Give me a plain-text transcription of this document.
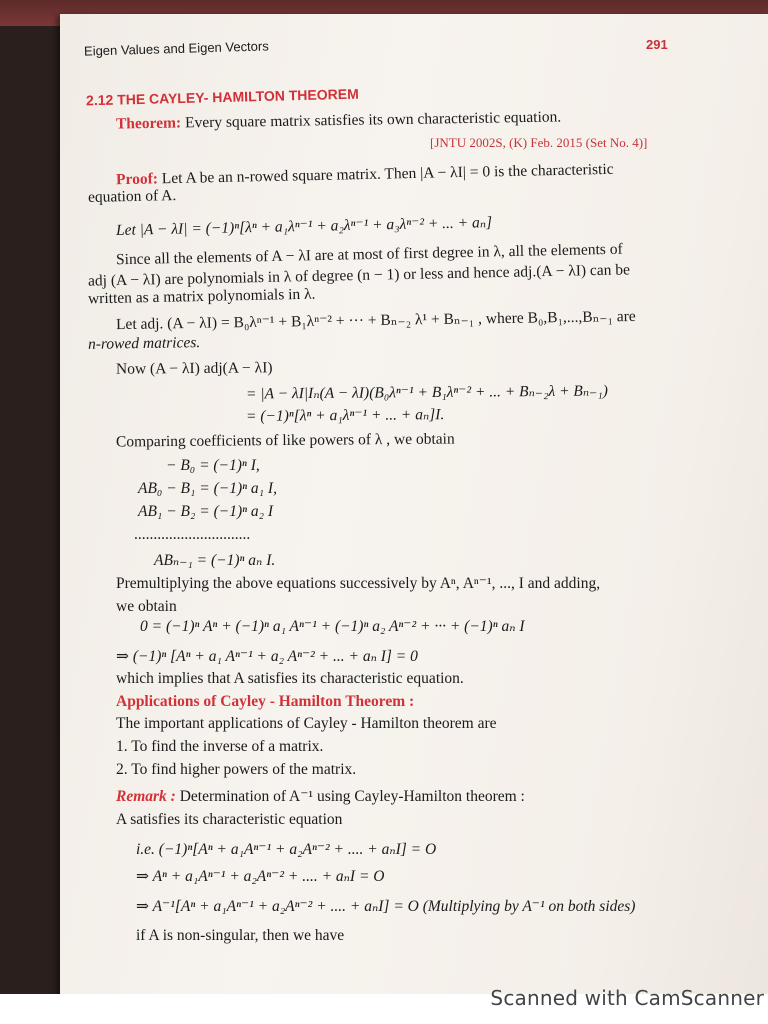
Eigen Values and Eigen Vectors	291
2.12 THE CAYLEY- HAMILTON THEOREM
Theorem: Every square matrix satisfies its own characteristic equation.
[JNTU 2002S, (K) Feb. 2015 (Set No. 4)]
Proof: Let A be an n-rowed square matrix. Then |A − λI| = 0 is the characteristic
equation of A.
Let |A − λI| = (−1)ⁿ[λⁿ + a₁λⁿ⁻¹ + a₂λⁿ⁻¹ + a₃λⁿ⁻² + ... + aₙ]
Since all the elements of A − λI are at most of first degree in λ, all the elements of
adj (A − λI) are polynomials in λ of degree (n − 1) or less and hence adj.(A − λI) can be
written as a matrix polynomials in λ.
Let adj. (A − λI) = B₀λⁿ⁻¹ + B₁λⁿ⁻² + ··· + Bₙ₋₂ λ¹ + Bₙ₋₁ , where B₀,B₁,...,Bₙ₋₁ are
n-rowed matrices.
Now (A − λI) adj(A − λI)
= |A − λI|Iₙ(A − λI)(B₀λⁿ⁻¹ + B₁λⁿ⁻² + ... + Bₙ₋₂λ + Bₙ₋₁)
= (−1)ⁿ[λⁿ + a₁λⁿ⁻¹ + ... + aₙ]I.
Comparing coefficients of like powers of λ , we obtain
− B₀ = (−1)ⁿ I,
AB₀ − B₁ = (−1)ⁿ a₁ I,
AB₁ − B₂ = (−1)ⁿ a₂ I
..............................
ABₙ₋₁ = (−1)ⁿ aₙ I.
Premultiplying the above equations successively by Aⁿ, Aⁿ⁻¹, ..., I and adding,
we obtain
0 = (−1)ⁿ Aⁿ + (−1)ⁿ a₁ Aⁿ⁻¹ + (−1)ⁿ a₂ Aⁿ⁻² + ··· + (−1)ⁿ aₙ I
⇒ (−1)ⁿ [Aⁿ + a₁ Aⁿ⁻¹ + a₂ Aⁿ⁻² + ... + aₙ I] = 0
which implies that A satisfies its characteristic equation.
Applications of Cayley - Hamilton Theorem :
The important applications of Cayley - Hamilton theorem are
1. To find the inverse of a matrix.
2. To find higher powers of the matrix.
Remark : Determination of A⁻¹ using Cayley-Hamilton theorem :
A satisfies its characteristic equation
i.e. (−1)ⁿ[Aⁿ + a₁Aⁿ⁻¹ + a₂Aⁿ⁻² + .... + aₙI] = O
⇒ Aⁿ + a₁Aⁿ⁻¹ + a₂Aⁿ⁻² + .... + aₙI = O
⇒ A⁻¹[Aⁿ + a₁Aⁿ⁻¹ + a₂Aⁿ⁻² + .... + aₙI] = O (Multiplying by A⁻¹ on both sides)
if A is non-singular, then we have
Scanned with CamScanner
